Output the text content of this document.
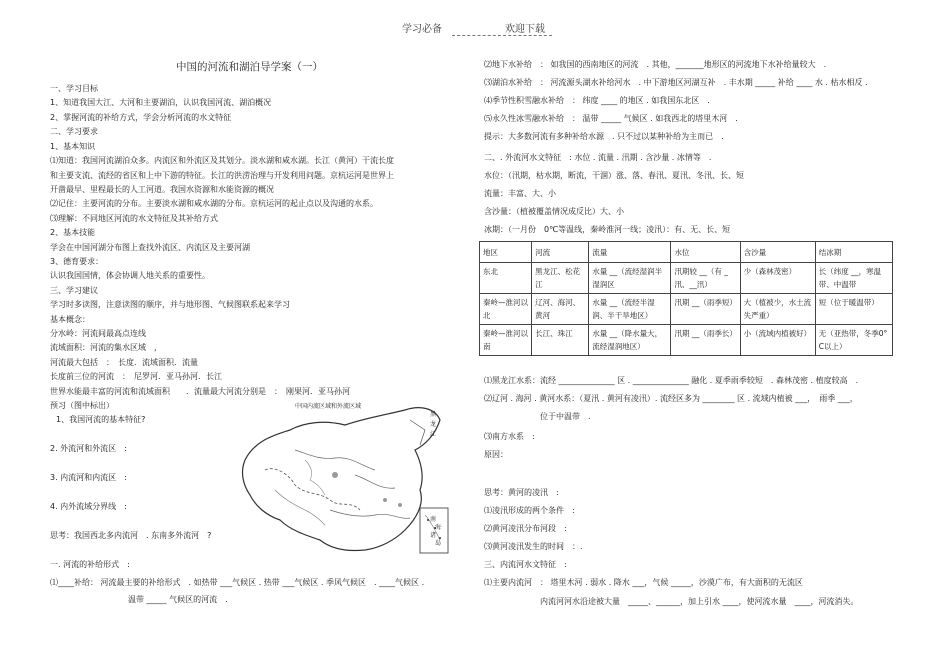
学习必备	欢迎下载
中国的河流和湖泊导学案（一）
一、学习目标
1、知道我国大江、大河和主要湖泊，认识我国河流、湖泊概况
2、掌握河流的补给方式，学会分析河流的水文特征
二、学习要求
1、基本知识
⑴知道：我国河流湖泊众多。内流区和外流区及其划分。淡水湖和咸水湖。长江（黄河）干流长度
和主要支流、流经的省区和上中下游的特征。长江的洪涝治理与开发利用问题。京杭运河是世界上
开凿最早、里程最长的人工河道。我国水资源和水能资源的概况
⑵记住：主要河流的分布。主要淡水湖和咸水湖的分布。京杭运河的起止点以及沟通的水系。
⑶理解：不同地区河流的水文特征及其补给方式
2、基本技能
学会在中国河湖分布图上查找外流区、内流区及主要河湖
3、德育要求：
认识我国国情，体会协调人地关系的重要性。
三、学习建议
学习时多读图，注意读图的顺序，并与地形图、气候图联系起来学习
基本概念：
分水岭：河流间最高点连线
流域面积：河流的集水区域　，
河流最大包括　：　长度．流域面积．流量
长度前三位的河流　：　尼罗河．亚马孙河．长江
世界水能最丰富的河流和流域面积　　．流量最大河流分别是　：　刚果河．亚马孙河
预习（图中标出）
1、我国河流的基本特征?
2. 外流河和外流区　:
3. 内流河和内流区　:
4. 内外流域分界线　:
思考：我国西北多内流河　. 东南多外流河　?
一. 河流的补给形式　:
⑴____补给： 河流最主要的补给形式　. 如热带 ___气候区 . 热带 ___气候区 . 季风气候区　. ____气候区 .
温带 _____ 气候区的河流　.
中国内流区域和外流区域
黑
龙
江
南
海
诸
岛
⑵地下水补给　： 如我国的西南地区的河流　. 其他，_______地形区的河流地下水补给量较大　.
⑶湖泊水补给　： 河流源头湖水补给河水　. 中下游地区河湖互补　. 丰水期 _____ 补给 ____ 水 . 枯水相反 .
⑷季节性积雪融水补给　： 纬度 ____ 的地区 . 如我国东北区　.
⑸永久性冰雪融水补给　： 温带 _____ 气候区 . 如我西北的塔里木河　.
提示：大多数河流有多种补给水源　. 只不过以某种补给为主而已　.
二、. 外流河水文特征　: 水位 . 流量 . 汛期 . 含沙量 . 冰情等　.
水位：（汛期，枯水期，断流，干涸）涨、落、春汛、夏汛、冬汛、长、短
流量：丰富、大、小
含沙量：（植被覆盖情况成反比）大、小
冰期：（一月份　0℃等温线，秦岭淮河一线；凌汛）：有、无、长、短
地区	河流	流量	水位	含沙量	结冰期
东北	黑龙江、松花江	水量 __（流经湿润半湿润区	汛期较 __（有 _汛、__汛）	少（森林茂密）	长（纬度 __，寒温带、中温带
秦岭—淮河以北	辽河、海河、黄河	水量 __（流经半湿润、半干旱地区）	汛期 __（雨季短）	大（植被少，水土流失严重）	短（位于暖温带）
秦岭—淮河以南	长江、珠江	水量 __（降水量大，流经湿润地区）	汛期 __（雨季长）	小（流域内植被好）	无（亚热带，冬季0° C以上）
⑴黑龙江水系：流经 ______________ 区 . ______________ 融化 . 夏季雨季较短　. 森林茂密 . 植度较高　.
⑵辽河 . 海河 . 黄河水系：（夏汛 . 黄河有凌汛）. 流经区多为 ________ 区 . 流域内植被 ___，　雨季 ___，
位于中温带　.
⑶南方水系　:
原因：
思考：黄河的凌汛　:
⑴凌汛形成的两个条件　:
⑵黄河凌汛分布河段　:
⑶黄河凌汛发生的时间　：.
三、内流河水文特征　:
⑴主要内流河　： 塔里木河 . 弱水 . 降水 ___，气候 _____，沙漠广布，有大面积的无流区
内流河河水沿途被大量　_____、______，加上引水 ____，使河流水量　____，河流消失。
